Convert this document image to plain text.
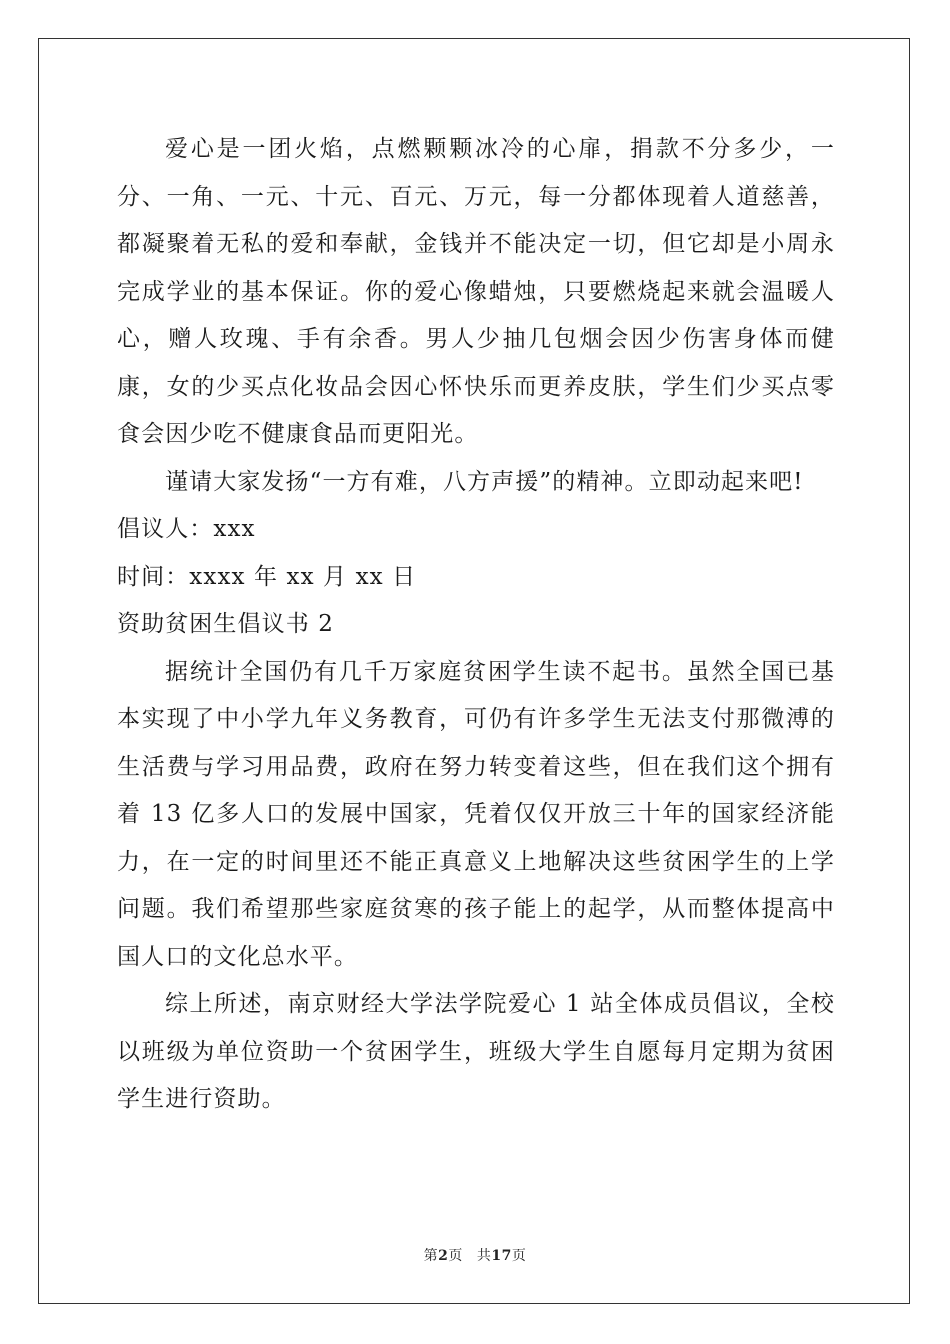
爱心是一团火焰，点燃颗颗冰冷的心扉，捐款不分多少，一分、一角、一元、十元、百元、万元，每一分都体现着人道慈善，都凝聚着无私的爱和奉献，金钱并不能决定一切，但它却是小周永完成学业的基本保证。你的爱心像蜡烛，只要燃烧起来就会温暖人心，赠人玫瑰、手有余香。男人少抽几包烟会因少伤害身体而健康，女的少买点化妆品会因心怀快乐而更养皮肤，学生们少买点零食会因少吃不健康食品而更阳光。

谨请大家发扬“一方有难，八方声援”的精神。立即动起来吧!

倡议人：xxx

时间：xxxx 年 xx 月 xx 日

资助贫困生倡议书 2

据统计全国仍有几千万家庭贫困学生读不起书。虽然全国已基本实现了中小学九年义务教育，可仍有许多学生无法支付那微溥的生活费与学习用品费，政府在努力转变着这些，但在我们这个拥有着 13 亿多人口的发展中国家，凭着仅仅开放三十年的国家经济能力，在一定的时间里还不能正真意义上地解决这些贫困学生的上学问题。我们希望那些家庭贫寒的孩子能上的起学，从而整体提高中国人口的文化总水平。

综上所述，南京财经大学法学院爱心 1 站全体成员倡议，全校以班级为单位资助一个贫困学生，班级大学生自愿每月定期为贫困学生进行资助。

第2页 共17页
